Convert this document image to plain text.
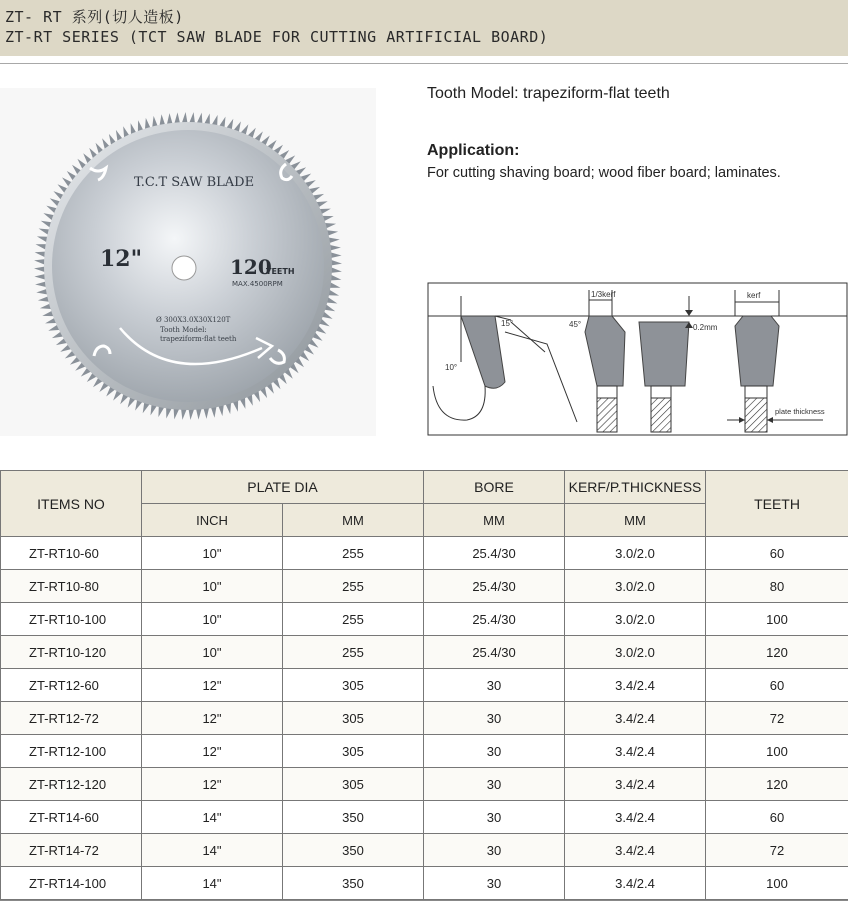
ZT- RT 系列(切人造板)
ZT-RT SERIES (TCT SAW BLADE FOR CUTTING ARTIFICIAL BOARD)
T.C.T SAW BLADE
12"	120
TEETH
MAX.4500RPM
Ø 300X3.0X30X120T
Tooth Model:
trapeziform-flat teeth
Tooth Model: trapeziform-flat teeth
Application:
For cutting shaving board; wood fiber board; laminates.
15°
10°
1/3kerf
45°	0.2mm
kerf
plate thickness
ITEMS NO	PLATE DIA		BORE	KERF/P.THICKNESS	TEETH
	INCH	MM	MM	MM	
ZT-RT10-60	10"	255	25.4/30	3.0/2.0	60
ZT-RT10-80	10"	255	25.4/30	3.0/2.0	80
ZT-RT10-100	10"	255	25.4/30	3.0/2.0	100
ZT-RT10-120	10"	255	25.4/30	3.0/2.0	120
ZT-RT12-60	12"	305	30	3.4/2.4	60
ZT-RT12-72	12"	305	30	3.4/2.4	72
ZT-RT12-100	12"	305	30	3.4/2.4	100
ZT-RT12-120	12"	305	30	3.4/2.4	120
ZT-RT14-60	14"	350	30	3.4/2.4	60
ZT-RT14-72	14"	350	30	3.4/2.4	72
ZT-RT14-100	14"	350	30	3.4/2.4	100
